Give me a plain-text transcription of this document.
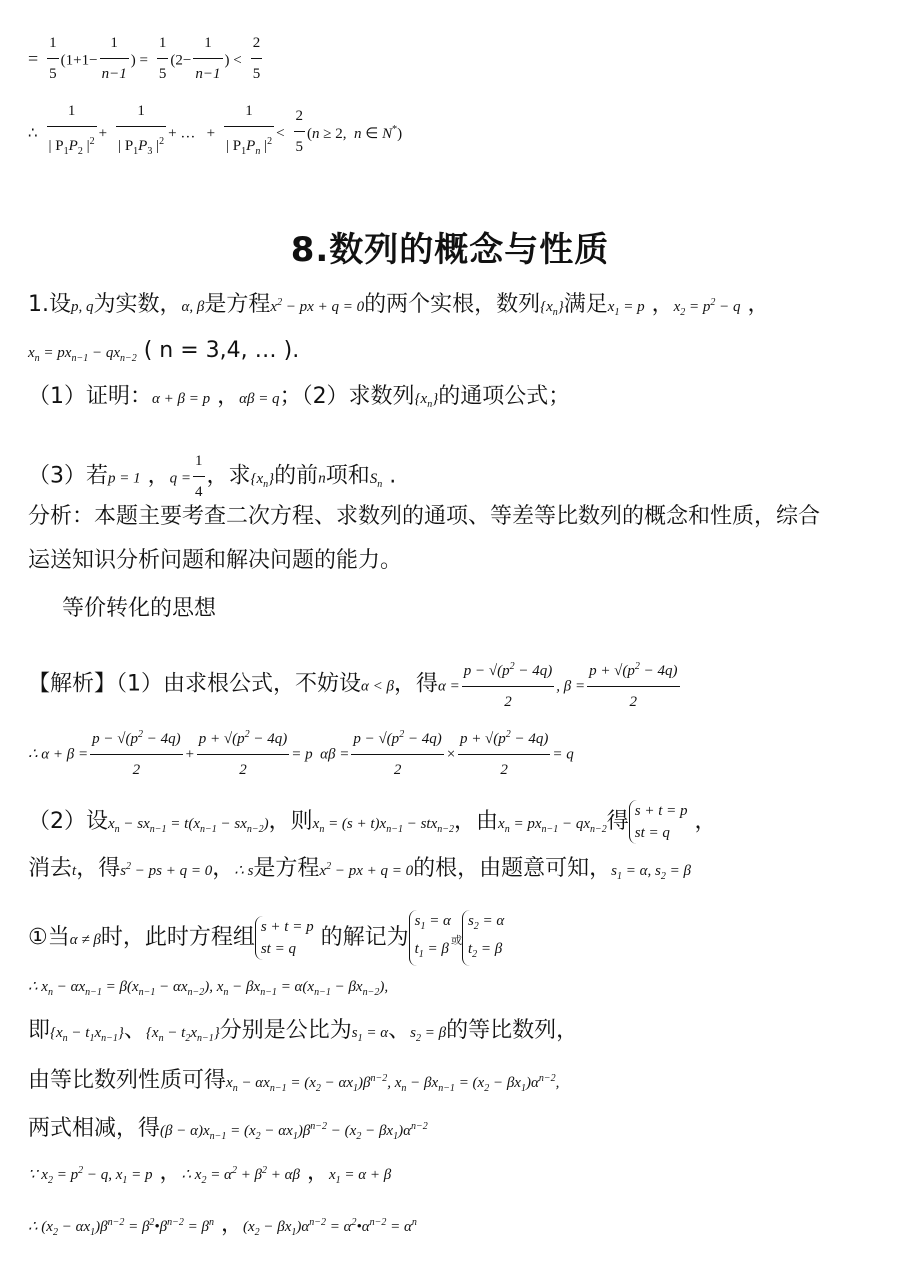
= $\frac{1}{5} (1+1- \frac{1}{n-1}$ ) = $\frac{1}{5} (2- \frac{1}{n-1}$ ) < $\frac{2}{5}$
∴ $\frac{1}{| P_1P_2 |^2} + \frac{1}{| P_1P_3 |^2}$ + …   + $\frac{1}{| P_1P_n |^2} < \frac{2}{5} (n \ge 2$,  n ∈ N*)
8.数列的概念与性质
1.设p, q为实数，α, β是方程$x^2$ − px + q = 0的两个实根，数列$\{x_n\}$满足$x_1 = p$ ，$x_2 = p^2 - q$ ，
$x_n = px_{n-1} - qx_{n-2}$ ( n = 3,4, … ).
（1）证明：α + β = p ，αβ = q；（2）求数列$\{x_n\}$的通项公式；
（3）若p = 1 ，$q = \frac{1}{4}$ ，求$\{x_n\}$的前n项和$S_n$ .
分析：本题主要考查二次方程、求数列的通项、等差等比数列的概念和性质，综合
运送知识分析问题和解决问题的能力。
等价转化的思想
【解析】（1）由求根公式，不妨设α < β，得$\alpha = \frac{p - √(p^2 - 4q)}{2}$ , $\beta = \frac{p + √(p^2 - 4q)}{2}$
∴ $\alpha + \beta = \frac{p - √(p^2 - 4q)}{2} + \frac{p + √(p^2 - 4q)}{2} = p$  $\alpha\beta = \frac{p - √(p^2 - 4q)}{2} \times \frac{p + √(p^2 - 4q)}{2} = q$
（2）设$x_n - sx_{n-1} = t(x_{n-1} - sx_{n-2})$，则$x_n = (s + t)x_{n-1} - stx_{n-2}$，由$x_n = px_{n-1} - qx_{n-2}$得 s + t = p
st = q ，
消去t，得$s^2$ − ps + q = 0，∴ s是方程$x^2$ − px + q = 0的根，由题意可知，$s_1 = \alpha$, $s_2 = \beta$
①当α ≠ β时，此时方程组 s + t = p
st = q	的解记为
$s_1 = \alpha$
$t_1 = \beta$
或
$s_2 = \alpha$
$t_2 = \beta$
∴ $x_n - \alpha x_{n-1} = \beta(x_{n-1} - \alpha x_{n-2})$, $x_n - \beta x_{n-1} = \alpha(x_{n-1} - \beta x_{n-2})$,
即$\{x_n - t_1x_{n-1}\}$、$\{x_n - t_2x_{n-1}\}$分别是公比为$s_1 = \alpha$、$s_2 = \beta$的等比数列，
由等比数列性质可得$x_n - \alpha x_{n-1} = (x_2 - \alpha x_1)\beta^{n-2}$, $x_n - \beta x_{n-1} = (x_2 - \beta x_1)\alpha^{n-2}$,
两式相减，得$(\beta - \alpha)x_{n-1} = (x_2 - \alpha x_1)\beta^{n-2} - (x_2 - \beta x_1)\alpha^{n-2}$
∵ $x_2 = p^2 - q$, $x_1 = p$ ，∴ $x_2 = \alpha^2 + \beta^2 + \alpha\beta$ ，$x_1 = \alpha + \beta$
∴ $(x_2 - \alpha x_1)\beta^{n-2}$ = $\beta^2•\beta^{n-2} = \beta^n$ ，$(x_2 - \beta x_1)\alpha^{n-2}$ = $\alpha^2•\alpha^{n-2} = \alpha^n$
